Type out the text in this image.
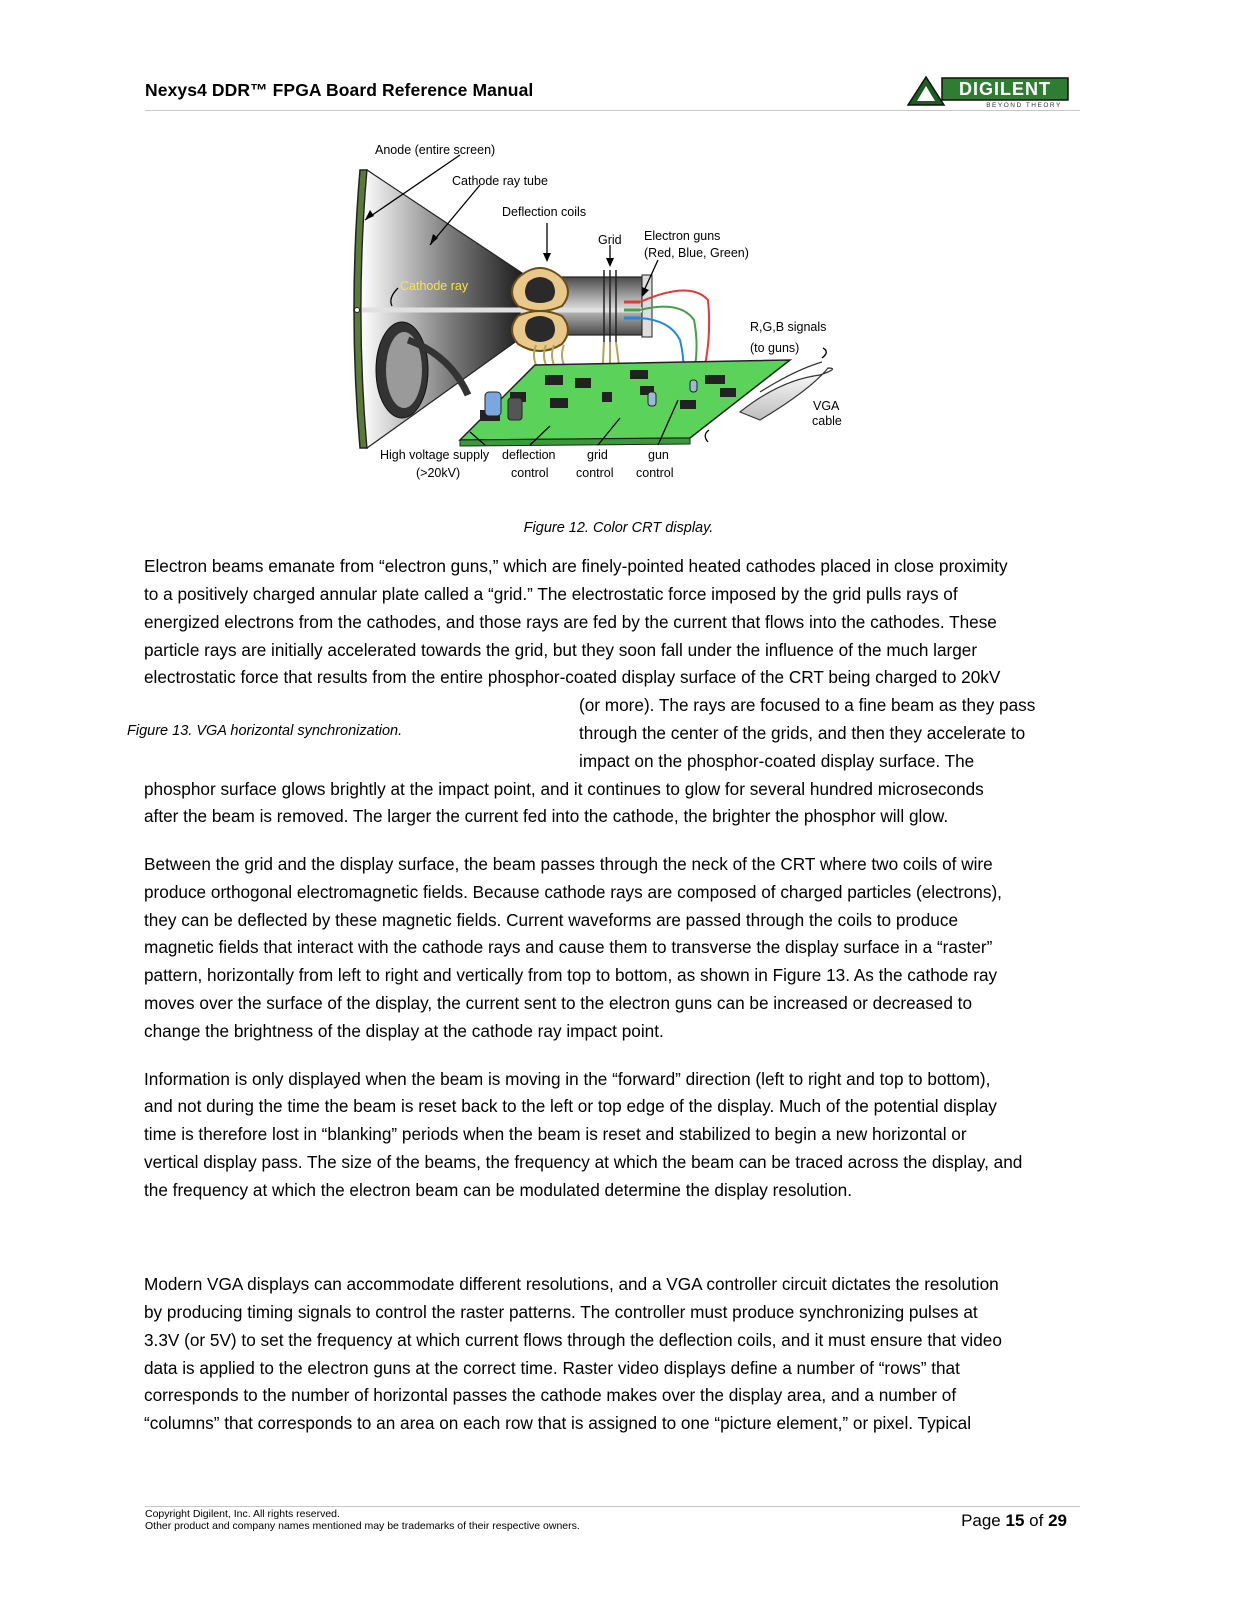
Nexys4 DDR™ FPGA Board Reference Manual	DIGILENT
BEYOND THEORY
Anode (entire screen)
Cathode ray tube
Deflection coils
Grid Electron guns
(Red, Blue, Green)
Cathode ray
R,G,B signals
(to guns)
VGA
cable
High voltage supply
(>20kV)
deflection
control
grid
control
gun
control
Figure 12. Color CRT display.
Figure 13. VGA horizontal synchronization.
Electron beams emanate from “electron guns,” which are finely-pointed heated cathodes placed in close proximity
to a positively charged annular plate called a “grid.” The electrostatic force imposed by the grid pulls rays of
energized electrons from the cathodes, and those rays are fed by the current that flows into the cathodes. These
particle rays are initially accelerated towards the grid, but they soon fall under the influence of the much larger
electrostatic force that results from the entire phosphor-coated display surface of the CRT being charged to 20kV
(or more). The rays are focused to a fine beam as they pass
through the center of the grids, and then they accelerate to
impact on the phosphor-coated display surface. The
phosphor surface glows brightly at the impact point, and it continues to glow for several hundred microseconds
after the beam is removed. The larger the current fed into the cathode, the brighter the phosphor will glow.
Between the grid and the display surface, the beam passes through the neck of the CRT where two coils of wire
produce orthogonal electromagnetic fields. Because cathode rays are composed of charged particles (electrons),
they can be deflected by these magnetic fields. Current waveforms are passed through the coils to produce
magnetic fields that interact with the cathode rays and cause them to transverse the display surface in a “raster”
pattern, horizontally from left to right and vertically from top to bottom, as shown in Figure 13. As the cathode ray
moves over the surface of the display, the current sent to the electron guns can be increased or decreased to
change the brightness of the display at the cathode ray impact point.
Information is only displayed when the beam is moving in the “forward” direction (left to right and top to bottom),
and not during the time the beam is reset back to the left or top edge of the display. Much of the potential display
time is therefore lost in “blanking” periods when the beam is reset and stabilized to begin a new horizontal or
vertical display pass. The size of the beams, the frequency at which the beam can be traced across the display, and
the frequency at which the electron beam can be modulated determine the display resolution.
Modern VGA displays can accommodate different resolutions, and a VGA controller circuit dictates the resolution
by producing timing signals to control the raster patterns. The controller must produce synchronizing pulses at
3.3V (or 5V) to set the frequency at which current flows through the deflection coils, and it must ensure that video
data is applied to the electron guns at the correct time. Raster video displays define a number of “rows” that
corresponds to the number of horizontal passes the cathode makes over the display area, and a number of
“columns” that corresponds to an area on each row that is assigned to one “picture element,” or pixel. Typical
Copyright Digilent, Inc. All rights reserved.
Other product and company names mentioned may be trademarks of their respective owners.	Page 15 of 29
